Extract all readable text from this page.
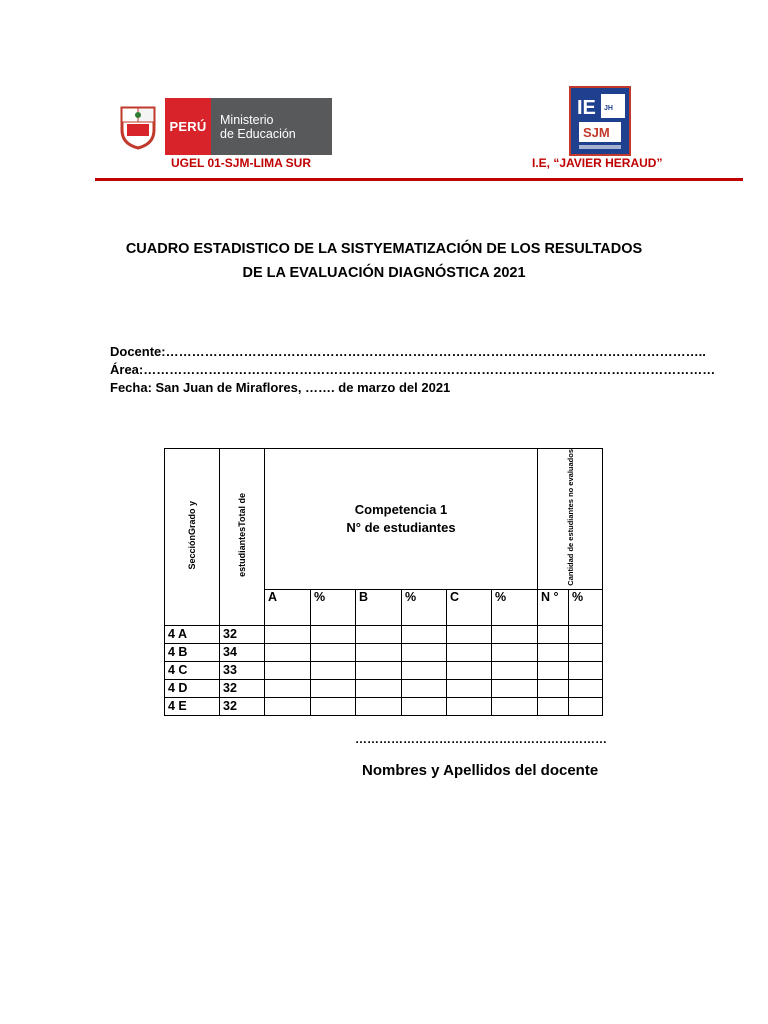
PERÚ	Ministerio
de Educación
UGEL 01-SJM-LIMA SUR
IE JH
SJM
I.E, “JAVIER HERAUD”
CUADRO ESTADISTICO DE LA SISTYEMATIZACIÓN DE LOS RESULTADOS
DE LA EVALUACIÓN DIAGNÓSTICA 2021
Docente:……………………………………………………………………………………………………………..
Área:……………………………………………………………………………………………………………………
Fecha: San Juan de Miraflores, ……. de marzo del 2021
SecciónGrado y	estudiantesTotal de	Competencia 1
N° de estudiantes						Cantidad de estudiantes no evaluados	
		A	%	B	%	C	%	N °	%
4 A	32								
4 B	34								
4 C	33								
4 D	32								
4 E	32								
………………………………………………………
Nombres y Apellidos del docente
